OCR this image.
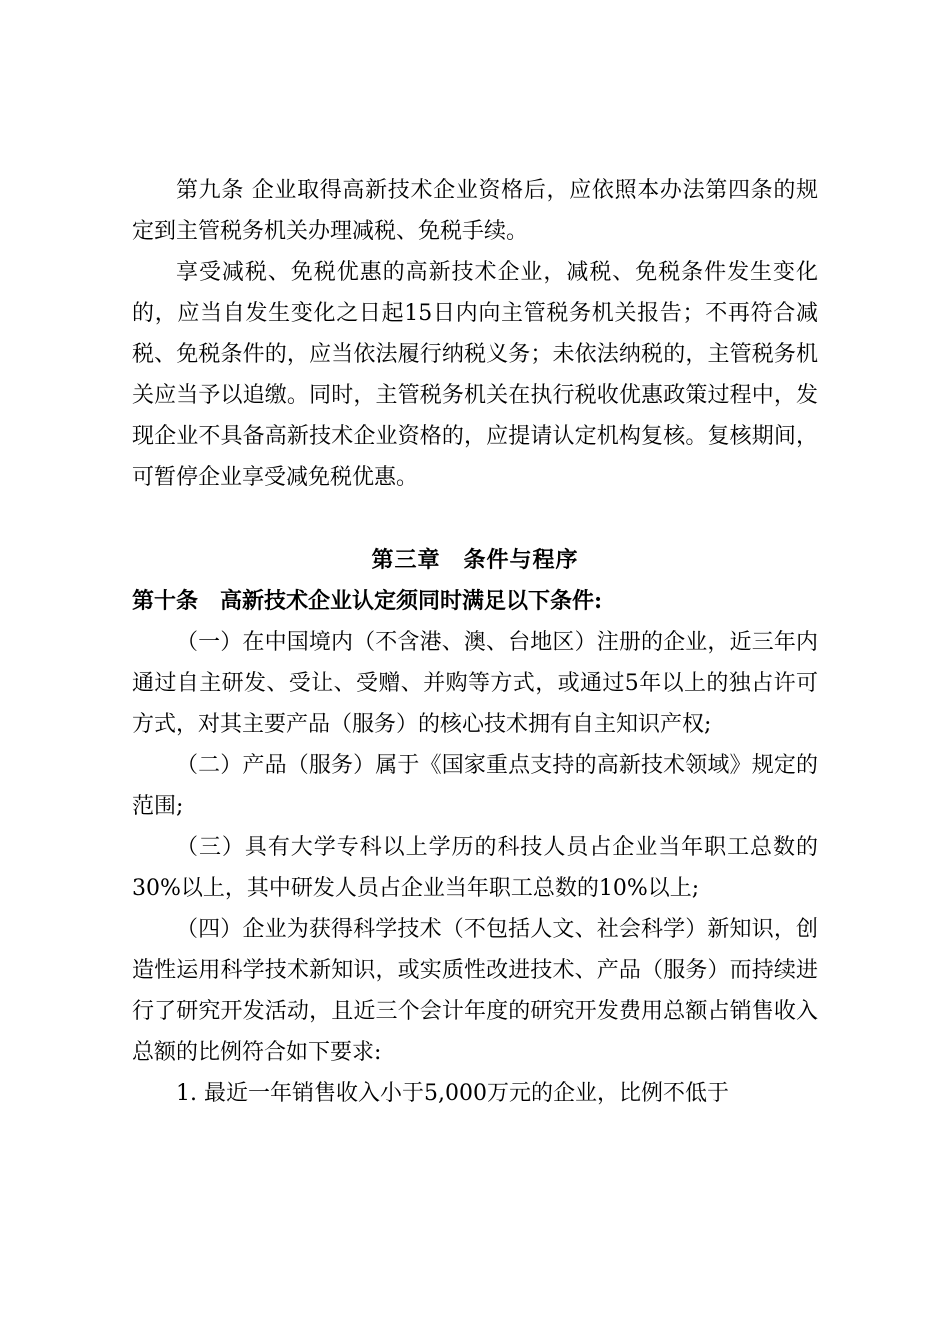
第九条 企业取得高新技术企业资格后，应依照本办法第四条的规定到主管税务机关办理减税、免税手续。

享受减税、免税优惠的高新技术企业，减税、免税条件发生变化的，应当自发生变化之日起15日内向主管税务机关报告；不再符合减税、免税条件的，应当依法履行纳税义务；未依法纳税的，主管税务机关应当予以追缴。同时，主管税务机关在执行税收优惠政策过程中，发现企业不具备高新技术企业资格的，应提请认定机构复核。复核期间，可暂停企业享受减免税优惠。

第三章　条件与程序

第十条　高新技术企业认定须同时满足以下条件:

（一）在中国境内（不含港、澳、台地区）注册的企业，近三年内通过自主研发、受让、受赠、并购等方式，或通过5年以上的独占许可方式，对其主要产品（服务）的核心技术拥有自主知识产权;

（二）产品（服务）属于《国家重点支持的高新技术领域》规定的范围;

（三）具有大学专科以上学历的科技人员占企业当年职工总数的30%以上，其中研发人员占企业当年职工总数的10%以上;

（四）企业为获得科学技术（不包括人文、社会科学）新知识，创造性运用科学技术新知识，或实质性改进技术、产品（服务）而持续进行了研究开发活动，且近三个会计年度的研究开发费用总额占销售收入总额的比例符合如下要求:

1. 最近一年销售收入小于5,000万元的企业，比例不低于
